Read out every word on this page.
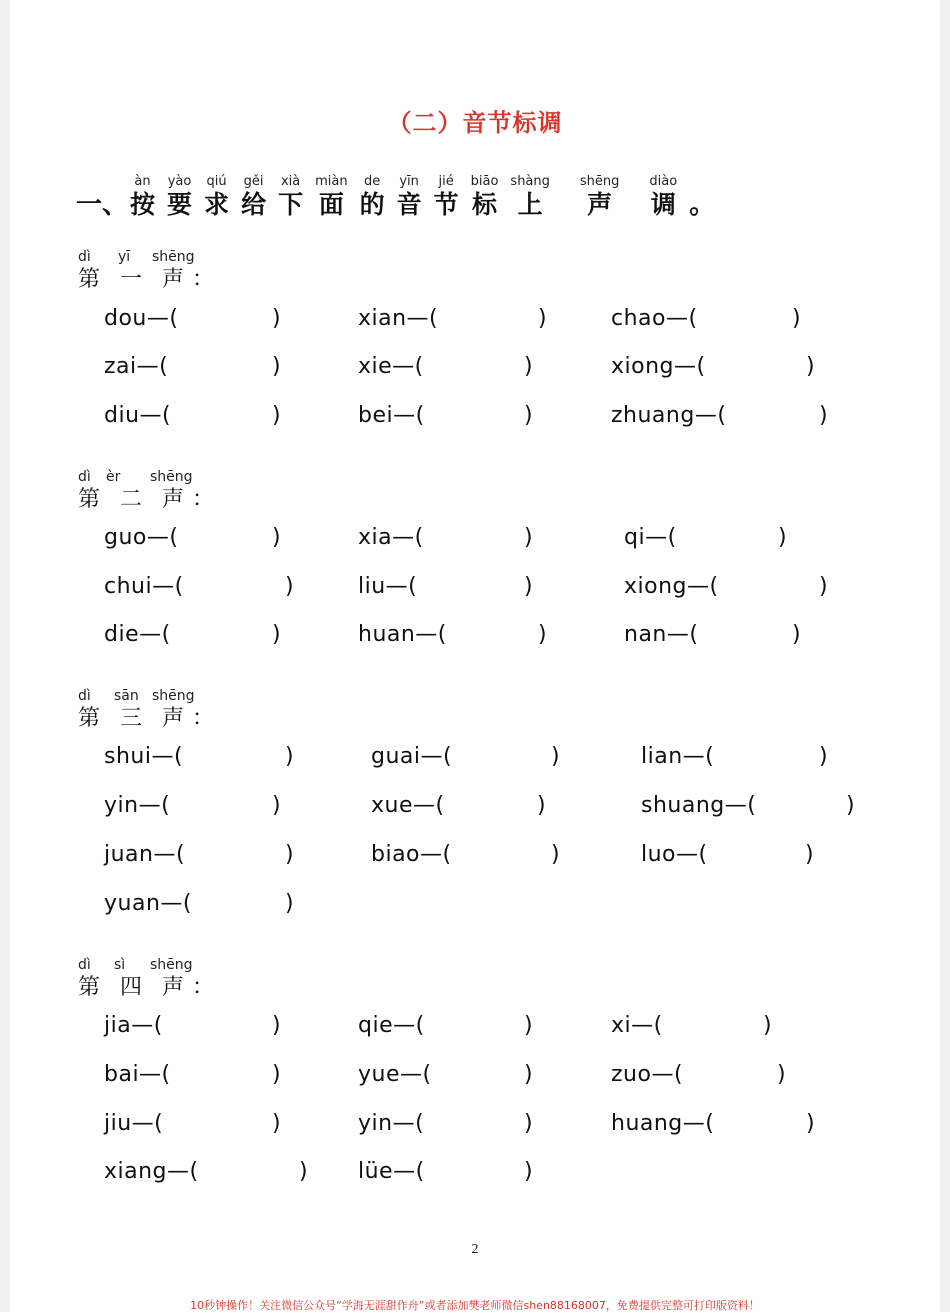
（二）音节标调
一、
àn
按
yào
要
qiú
求
gěi
给
xià
下
miàn
面
de
的
yīn
音
jié
节
biāo
标
shàng
上
shēng
声
diào
调 。
dì	yī	shēng
第 一 声 ：
dou—(	)	xian—(	)	chao—(	)
zai—(	)	xie—(	)	xiong—(	)
diu—(	)	bei—(	)	zhuang—(	)
dì	èr	shēng
第 二 声 ：
guo—(	)	xia—(	)	qi—(	)
chui—(	)	liu—(	)	xiong—(	)
die—(	)	huan—(	)	nan—(	)
dì	sān shēng
第 三 声 ：
shui—(	)	guai—(	)	lian—(	)
yin—(	)	xue—(	)	shuang—(	)
juan—(	)	biao—(	)	luo—(	)
yuan—(	)
dì	sì	shēng
第 四 声 ：
jia—(	)	qie—(	)	xi—(	)
bai—(	)	yue—(	)	zuo—(	)
jiu—(	)	yin—(	)	huang—(	)
xiang—(	) lüe—(	)
2
10秒钟操作！关注微信公众号“学海无涯甜作舟”或者添加樊老师微信shen88168007，免费提供完整可打印版资料！
